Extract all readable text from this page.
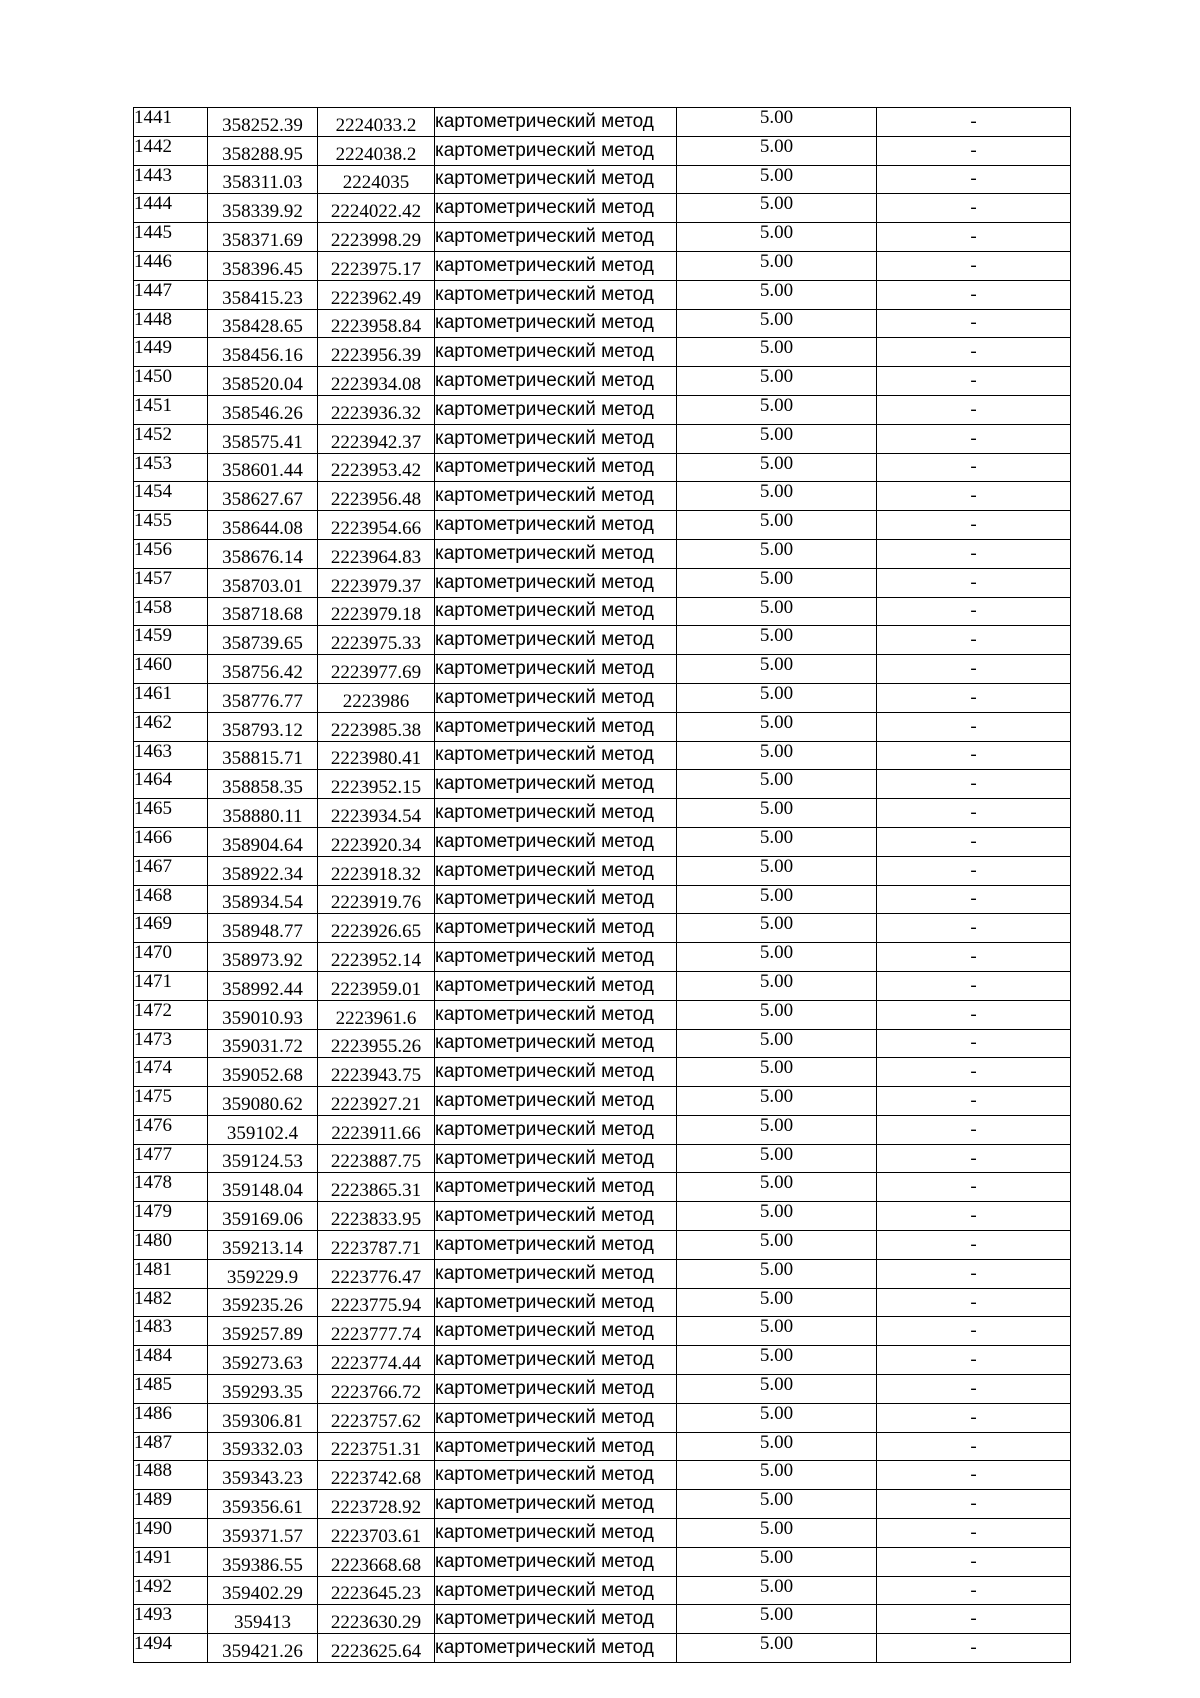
1441	358252.39	2224033.2	картометрический метод	5.00	-
1442	358288.95	2224038.2	картометрический метод	5.00	-
1443	358311.03	2224035	картометрический метод	5.00	-
1444	358339.92	2224022.42	картометрический метод	5.00	-
1445	358371.69	2223998.29	картометрический метод	5.00	-
1446	358396.45	2223975.17	картометрический метод	5.00	-
1447	358415.23	2223962.49	картометрический метод	5.00	-
1448	358428.65	2223958.84	картометрический метод	5.00	-
1449	358456.16	2223956.39	картометрический метод	5.00	-
1450	358520.04	2223934.08	картометрический метод	5.00	-
1451	358546.26	2223936.32	картометрический метод	5.00	-
1452	358575.41	2223942.37	картометрический метод	5.00	-
1453	358601.44	2223953.42	картометрический метод	5.00	-
1454	358627.67	2223956.48	картометрический метод	5.00	-
1455	358644.08	2223954.66	картометрический метод	5.00	-
1456	358676.14	2223964.83	картометрический метод	5.00	-
1457	358703.01	2223979.37	картометрический метод	5.00	-
1458	358718.68	2223979.18	картометрический метод	5.00	-
1459	358739.65	2223975.33	картометрический метод	5.00	-
1460	358756.42	2223977.69	картометрический метод	5.00	-
1461	358776.77	2223986	картометрический метод	5.00	-
1462	358793.12	2223985.38	картометрический метод	5.00	-
1463	358815.71	2223980.41	картометрический метод	5.00	-
1464	358858.35	2223952.15	картометрический метод	5.00	-
1465	358880.11	2223934.54	картометрический метод	5.00	-
1466	358904.64	2223920.34	картометрический метод	5.00	-
1467	358922.34	2223918.32	картометрический метод	5.00	-
1468	358934.54	2223919.76	картометрический метод	5.00	-
1469	358948.77	2223926.65	картометрический метод	5.00	-
1470	358973.92	2223952.14	картометрический метод	5.00	-
1471	358992.44	2223959.01	картометрический метод	5.00	-
1472	359010.93	2223961.6	картометрический метод	5.00	-
1473	359031.72	2223955.26	картометрический метод	5.00	-
1474	359052.68	2223943.75	картометрический метод	5.00	-
1475	359080.62	2223927.21	картометрический метод	5.00	-
1476	359102.4	2223911.66	картометрический метод	5.00	-
1477	359124.53	2223887.75	картометрический метод	5.00	-
1478	359148.04	2223865.31	картометрический метод	5.00	-
1479	359169.06	2223833.95	картометрический метод	5.00	-
1480	359213.14	2223787.71	картометрический метод	5.00	-
1481	359229.9	2223776.47	картометрический метод	5.00	-
1482	359235.26	2223775.94	картометрический метод	5.00	-
1483	359257.89	2223777.74	картометрический метод	5.00	-
1484	359273.63	2223774.44	картометрический метод	5.00	-
1485	359293.35	2223766.72	картометрический метод	5.00	-
1486	359306.81	2223757.62	картометрический метод	5.00	-
1487	359332.03	2223751.31	картометрический метод	5.00	-
1488	359343.23	2223742.68	картометрический метод	5.00	-
1489	359356.61	2223728.92	картометрический метод	5.00	-
1490	359371.57	2223703.61	картометрический метод	5.00	-
1491	359386.55	2223668.68	картометрический метод	5.00	-
1492	359402.29	2223645.23	картометрический метод	5.00	-
1493	359413	2223630.29	картометрический метод	5.00	-
1494	359421.26	2223625.64	картометрический метод	5.00	-
